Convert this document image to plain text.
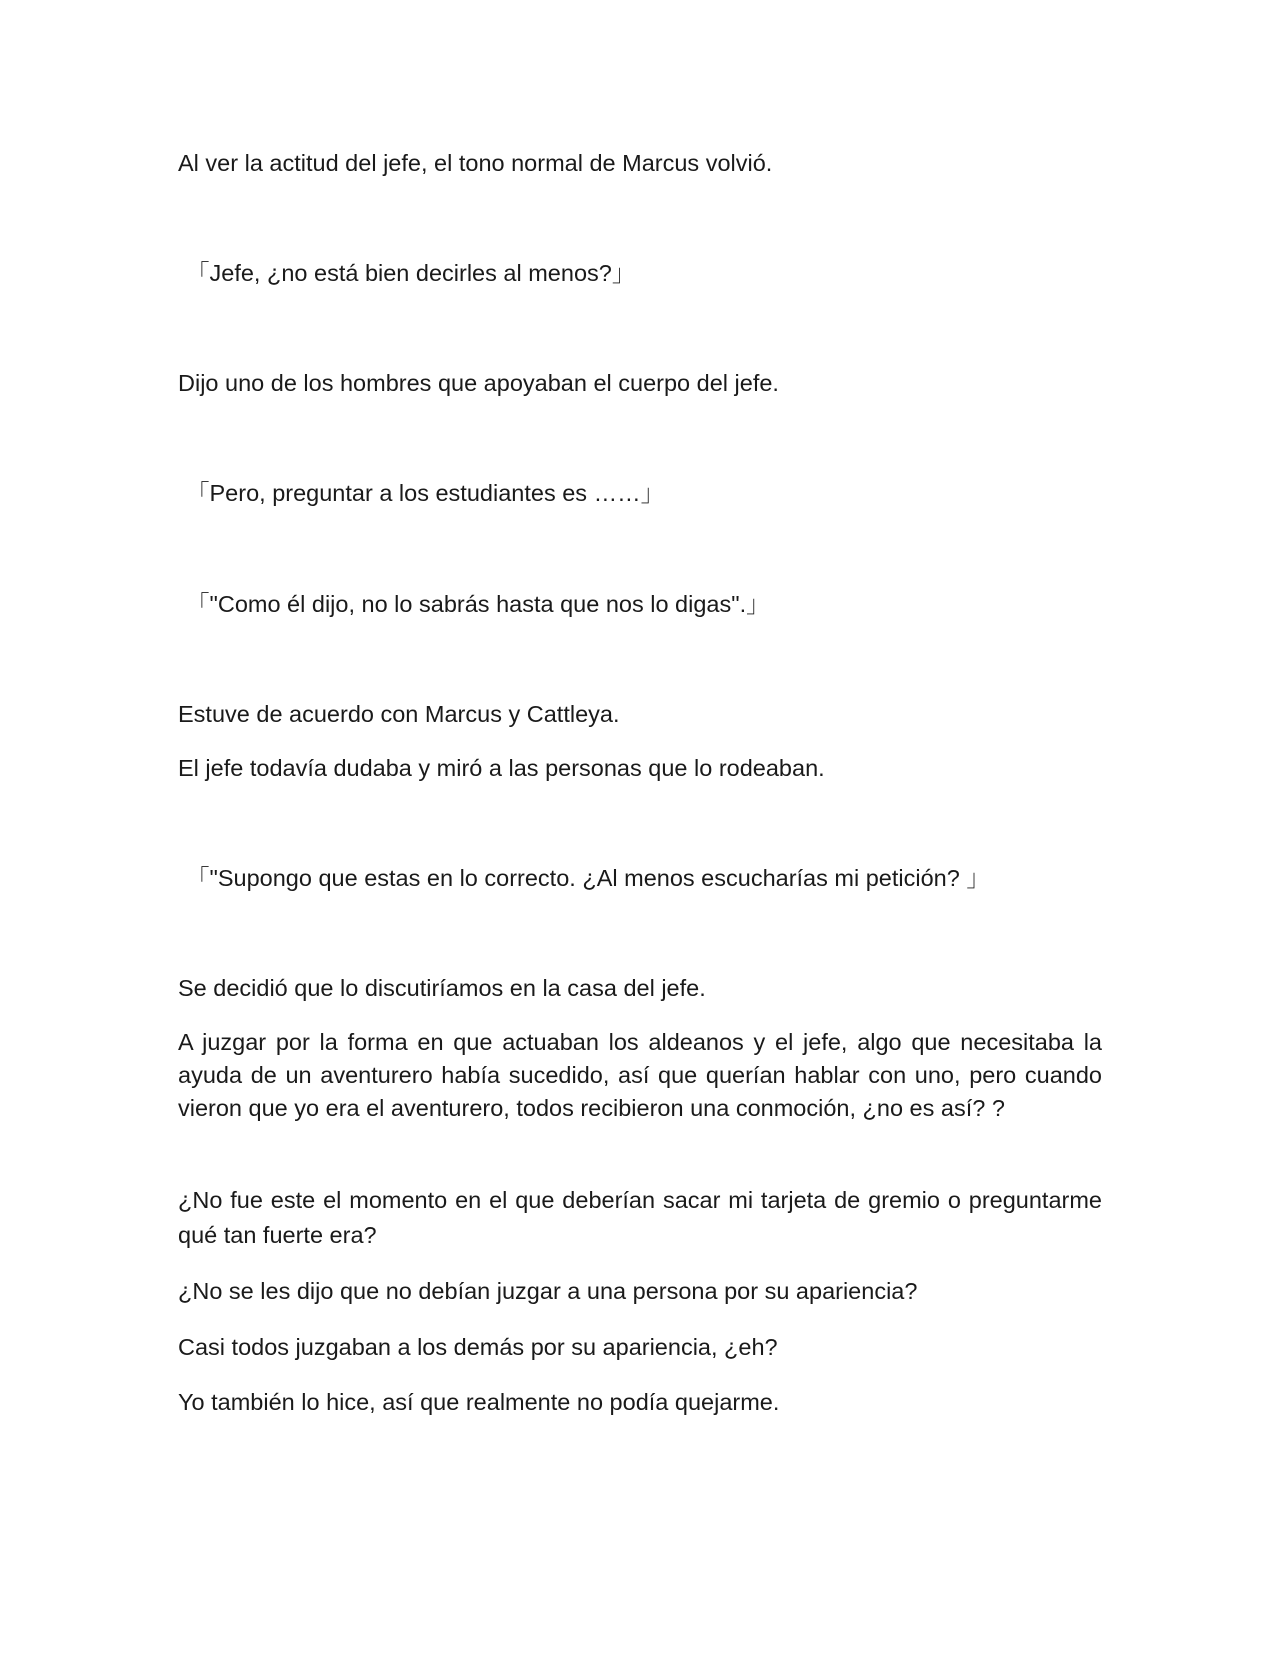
Al ver la actitud del jefe, el tono normal de Marcus volvió.

「Jefe, ¿no está bien decirles al menos?」

Dijo uno de los hombres que apoyaban el cuerpo del jefe.

「Pero, preguntar a los estudiantes es ……」

「"Como él dijo, no lo sabrás hasta que nos lo digas".」

Estuve de acuerdo con Marcus y Cattleya.

El jefe todavía dudaba y miró a las personas que lo rodeaban.

「"Supongo que estas en lo correcto. ¿Al menos escucharías mi petición? 」

Se decidió que lo discutiríamos en la casa del jefe.

A juzgar por la forma en que actuaban los aldeanos y el jefe, algo que necesitaba la ayuda de un aventurero había sucedido, así que querían hablar con uno, pero cuando vieron que yo era el aventurero, todos recibieron una conmoción, ¿no es así? ?

¿No fue este el momento en el que deberían sacar mi tarjeta de gremio o preguntarme qué tan fuerte era?

¿No se les dijo que no debían juzgar a una persona por su apariencia?

Casi todos juzgaban a los demás por su apariencia, ¿eh?

Yo también lo hice, así que realmente no podía quejarme.
